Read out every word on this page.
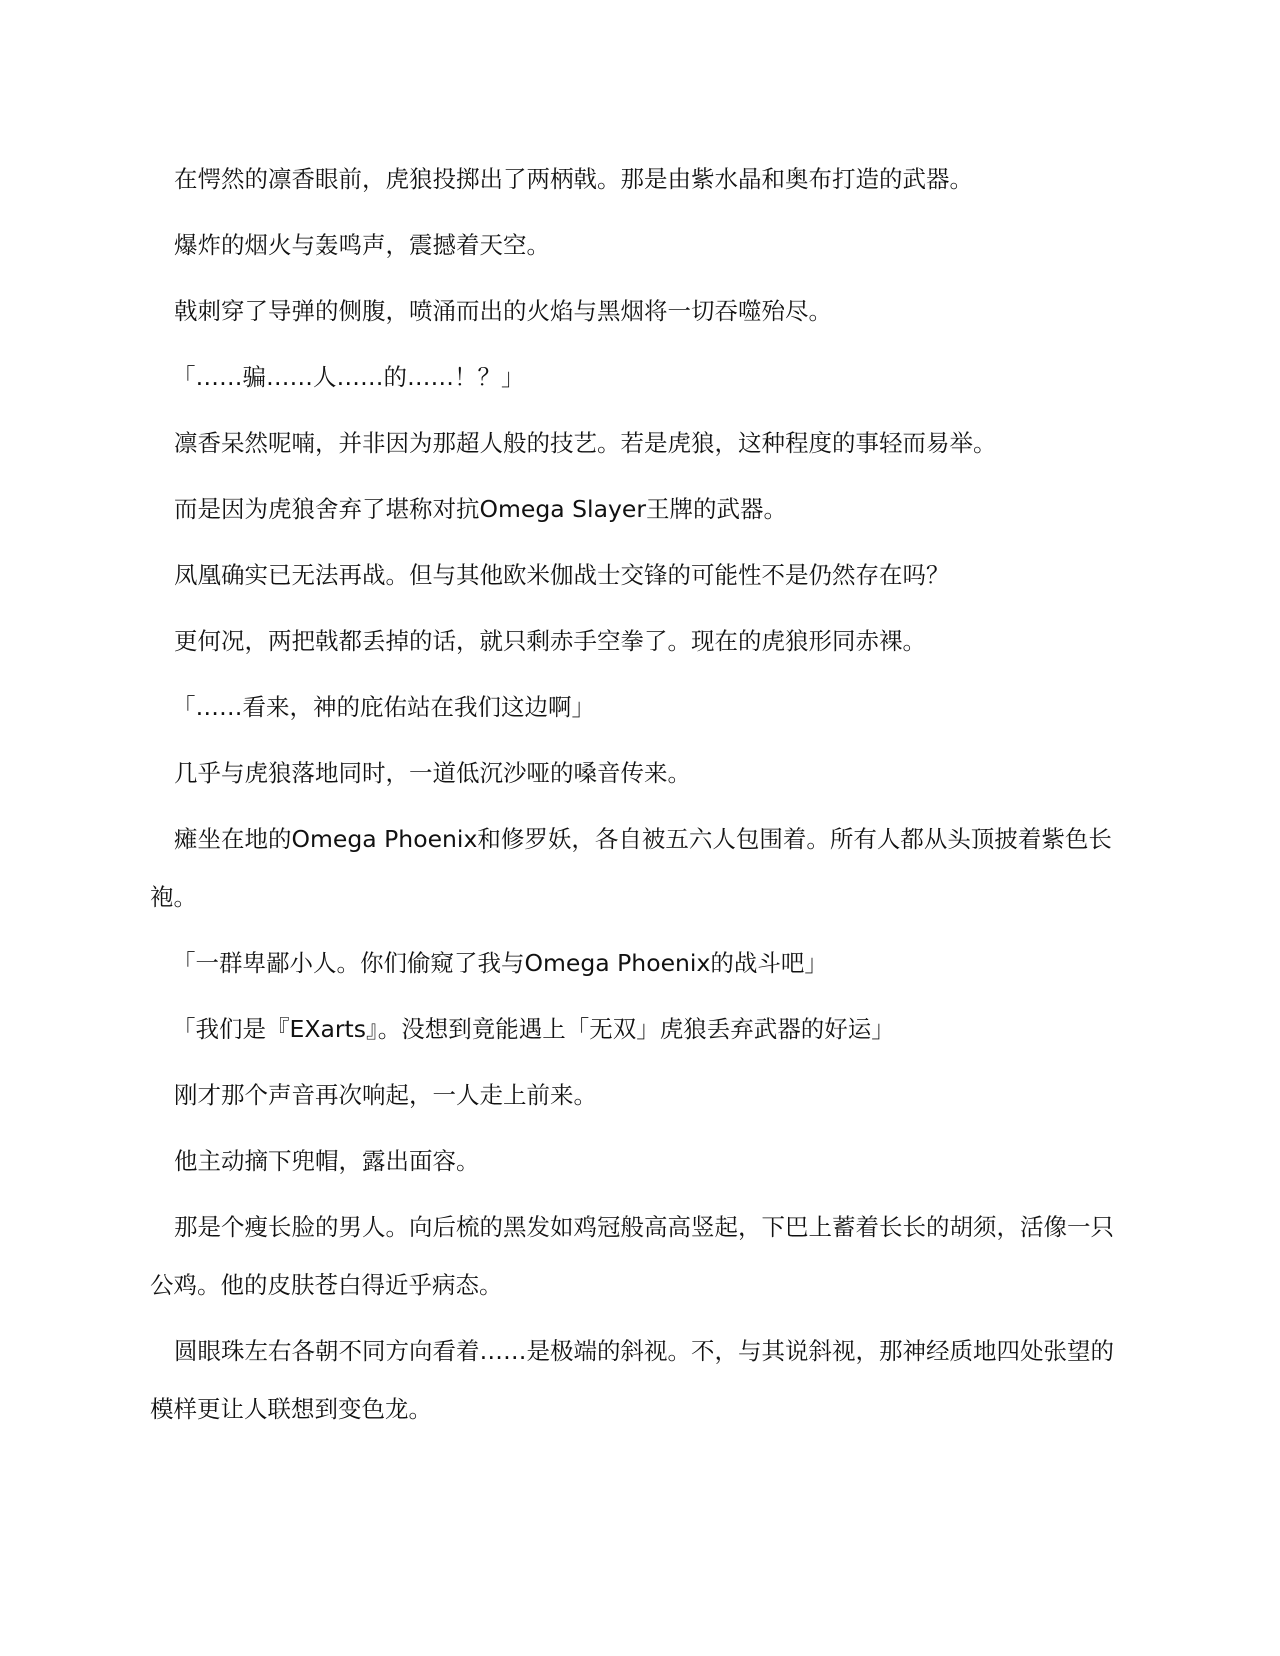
在愕然的凛香眼前，虎狼投掷出了两柄戟。那是由紫水晶和奥布打造的武器。

爆炸的烟火与轰鸣声，震撼着天空。

戟刺穿了导弹的侧腹，喷涌而出的火焰与黑烟将一切吞噬殆尽。

「……骗……人……的……！？」

凛香呆然呢喃，并非因为那超人般的技艺。若是虎狼，这种程度的事轻而易举。

而是因为虎狼舍弃了堪称对抗Omega Slayer王牌的武器。

凤凰确实已无法再战。但与其他欧米伽战士交锋的可能性不是仍然存在吗？

更何况，两把戟都丢掉的话，就只剩赤手空拳了。现在的虎狼形同赤裸。

「……看来，神的庇佑站在我们这边啊」

几乎与虎狼落地同时，一道低沉沙哑的嗓音传来。

瘫坐在地的Omega Phoenix和修罗妖，各自被五六人包围着。所有人都从头顶披着紫色长袍。

「一群卑鄙小人。你们偷窥了我与Omega Phoenix的战斗吧」

「我们是『EXarts』。没想到竟能遇上「无双」虎狼丢弃武器的好运」

刚才那个声音再次响起，一人走上前来。

他主动摘下兜帽，露出面容。

那是个瘦长脸的男人。向后梳的黑发如鸡冠般高高竖起，下巴上蓄着长长的胡须，活像一只公鸡。他的皮肤苍白得近乎病态。

圆眼珠左右各朝不同方向看着……是极端的斜视。不，与其说斜视，那神经质地四处张望的模样更让人联想到变色龙。
